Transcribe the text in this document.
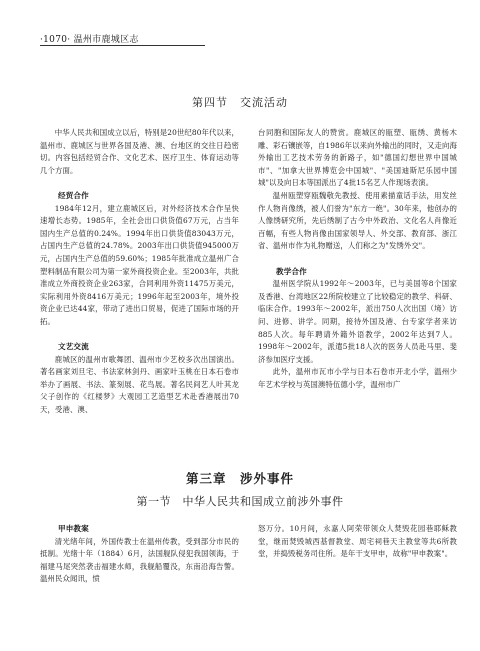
·1070· 温州市鹿城区志
第四节　交流活动

中华人民共和国成立以后，特别是20世纪80年代以来，温州市、鹿城区与世界各国及港、澳、台地区的交往日趋密切。内容包括经贸合作、文化艺术、医疗卫生、体育运动等几个方面。

经贸合作

1984年12月，建立鹿城区后，对外经济技术合作呈快速增长态势。1985年，全社会出口供货值67万元，占当年国内生产总值的0.24%。1994年出口供货值83043万元，占国内生产总值的24.78%。2003年出口供货值945000万元，占国内生产总值的59.60%；1985年批准成立温州广合塑料制品有限公司为第一家外商投资企业。至2003年，共批准成立外商投资企业263家，合同利用外资11475万美元，实际利用外资8416万美元；1996年起至2003年，境外投资企业已达44家，带动了进出口贸易，促进了国际市场的开拓。

文艺交流

鹿城区的温州市歌舞团、温州市少艺校多次出国演出。著名画家刘旦宅、书法家林剑丹、画家叶玉桃在日本石卷市举办了画展、书法、篆刻展、花鸟展。著名民间艺人叶其龙父子创作的《红楼梦》大观园工艺造型艺术赴香港展出70天，受港、澳、

台同胞和国际友人的赞赏。鹿城区的瓯塑、瓯绣、黄杨木雕、彩石镶嵌等，自1986年以来向外输出的同时，又走向海外输出工艺技术劳务的新路子，如"德国幻想世界中国城市"、"加拿大世界博览会中国城"、"美国迪斯尼乐园中国城"以及向日本等国派出了4批15名艺人作现场表演。

温州瓯塑穿瓯魏敬先教授、使用素描童话手法，用发丝作人物肖像绣，被人们誉为"东方一绝"。30年来，他创办的人像绣研究所，先后绣制了古今中外政治、文化名人肖像近百幅，有些人物肖像由国家领导人、外交部、教育部、浙江省、温州市作为礼物赠送，人们称之为"发绣外交"。

教学合作

温州医学院从1992年～2003年，已与美国等8个国家及香港、台湾地区22所院校建立了比较稳定的教学、科研、临床合作。1993年～2002年，派出750人次出国（境）访问、进修、讲学。同期，接待外国及港、台专家学者来访885人次。每年聘请外籍外语教学，2002年达到7人。1998年～2002年，派遣5批18人次的医务人员赴马里、斐济参加医疗支援。

此外，温州市瓦市小学与日本石卷市开北小学，温州少年艺术学校与英国澳特伍德小学，温州市广

第三章　涉外事件
第一节　中华人民共和国成立前涉外事件
甲申教案

清光绪年间，外国传教士在温州传教，受到部分市民的抵制。光绪十年（1884）6月，法国舰队侵犯我国领海，于福建马尾突然袭击福建水师，我舰船覆没，东南沿海告警。温州民众闻讯，愤

怒万分。10月间，永嘉人阿荣带领众人焚毁花园巷耶稣教堂，继而焚毁城西基督教堂、周宅祠巷天主教堂等共6所教堂，并捣毁税务司住所。是年干支甲申，故称"甲申教案"。
